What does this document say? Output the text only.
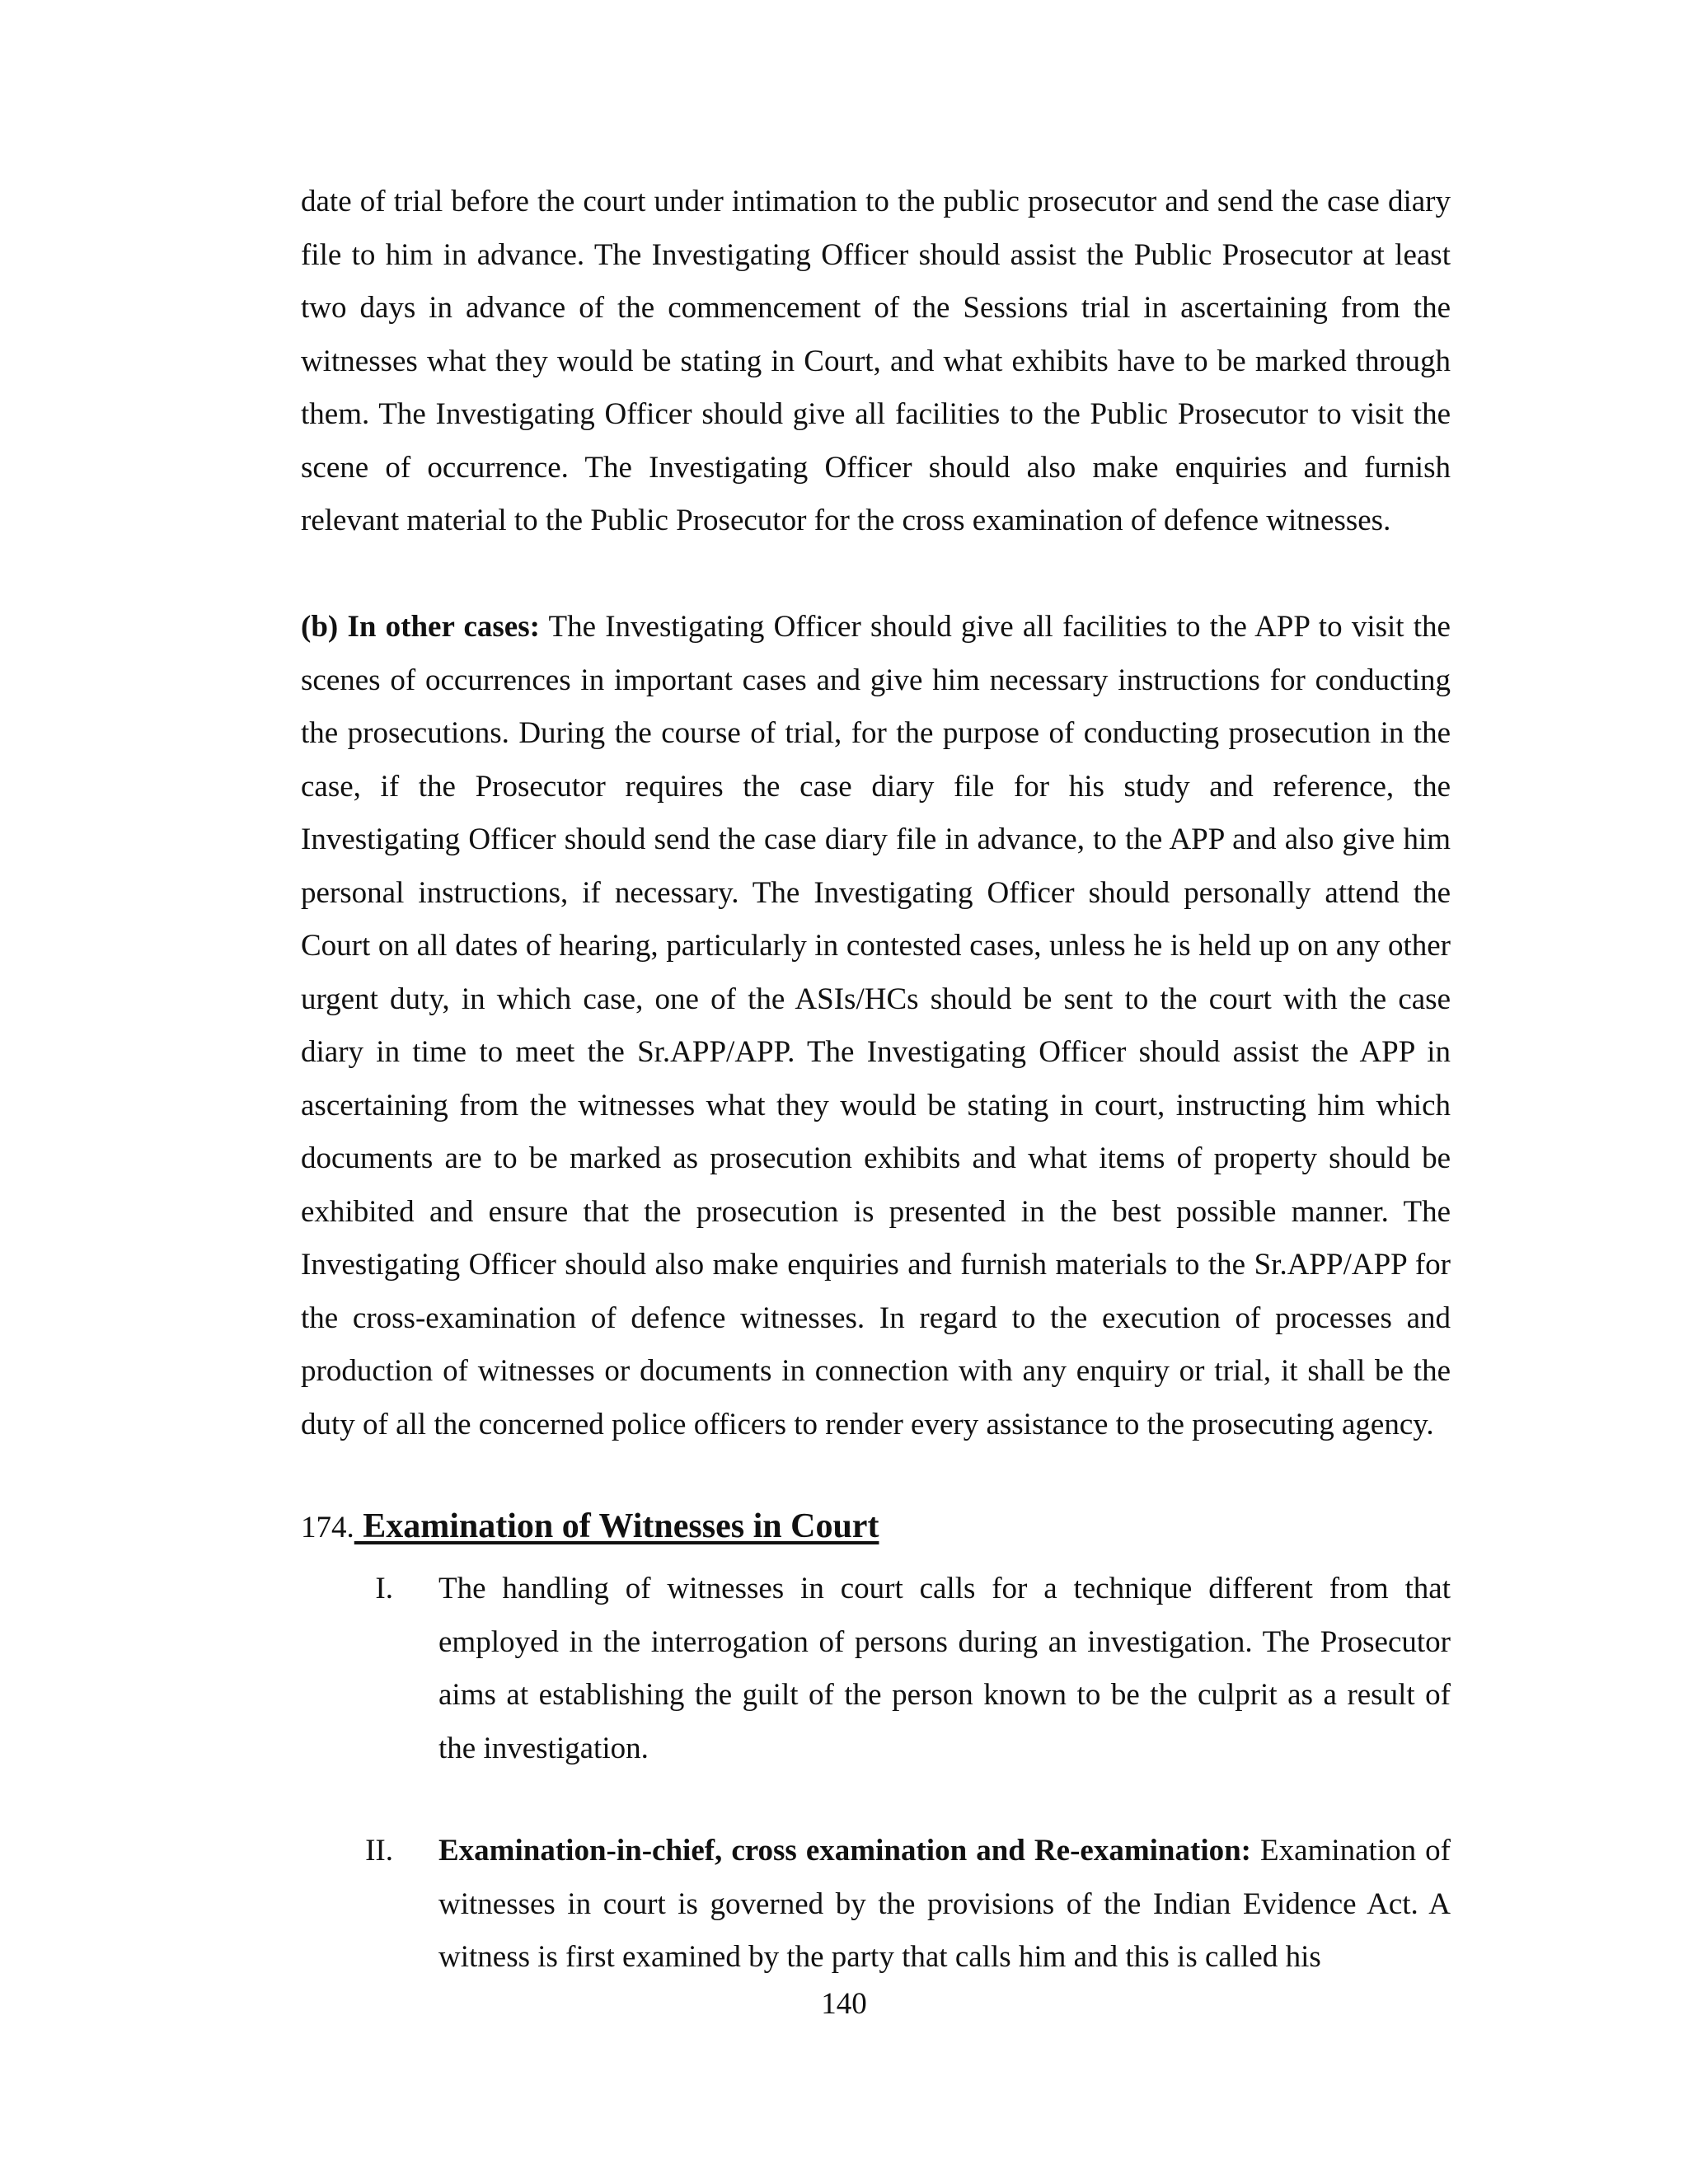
date of trial before the court under intimation to the public prosecutor and send the case diary file to him in advance. The Investigating Officer should assist the Public Prosecutor at least two days in advance of the commencement of the Sessions trial in ascertaining from the witnesses what they would be stating in Court, and what exhibits have to be marked through them. The Investigating Officer should give all facilities to the Public Prosecutor to visit the scene of occurrence. The Investigating Officer should also make enquiries and furnish relevant material to the Public Prosecutor for the cross examination of defence witnesses.

(b) In other cases: The Investigating Officer should give all facilities to the APP to visit the scenes of occurrences in important cases and give him necessary instructions for conducting the prosecutions. During the course of trial, for the purpose of conducting prosecution in the case, if the Prosecutor requires the case diary file for his study and reference, the Investigating Officer should send the case diary file in advance, to the APP and also give him personal instructions, if necessary. The Investigating Officer should personally attend the Court on all dates of hearing, particularly in contested cases, unless he is held up on any other urgent duty, in which case, one of the ASIs/HCs should be sent to the court with the case diary in time to meet the Sr.APP/APP. The Investigating Officer should assist the APP in ascertaining from the witnesses what they would be stating in court, instructing him which documents are to be marked as prosecution exhibits and what items of property should be exhibited and ensure that the prosecution is presented in the best possible manner. The Investigating Officer should also make enquiries and furnish materials to the Sr.APP/APP for the cross-examination of defence witnesses. In regard to the execution of processes and production of witnesses or documents in connection with any enquiry or trial, it shall be the duty of all the concerned police officers to render every assistance to the prosecuting agency.

174. Examination of Witnesses in Court
I. The handling of witnesses in court calls for a technique different from that employed in the interrogation of persons during an investigation. The Prosecutor aims at establishing the guilt of the person known to be the culprit as a result of the investigation.

II. Examination-in-chief, cross examination and Re-examination: Examination of witnesses in court is governed by the provisions of the Indian Evidence Act. A witness is first examined by the party that calls him and this is called his

140
